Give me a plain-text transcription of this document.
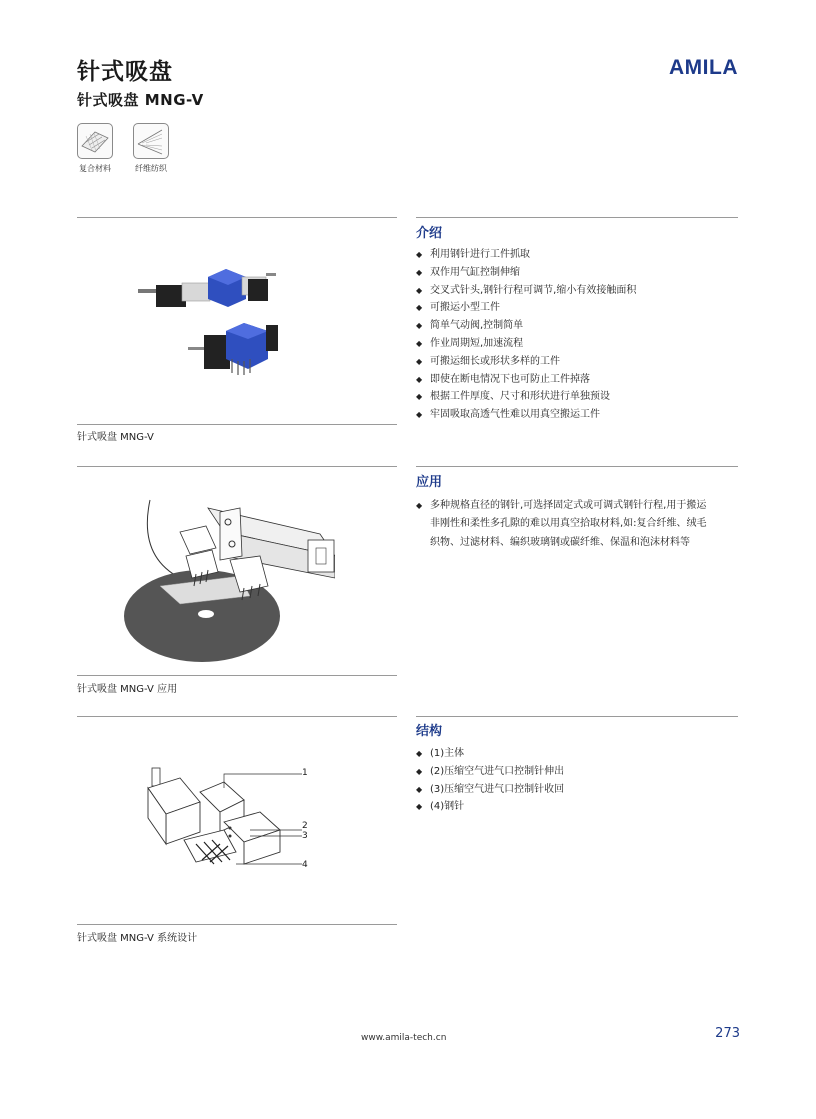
针式吸盘
针式吸盘 MNG-V
AMILA
复合材料	纤维纺织
介绍
◆ 利用钢针进行工件抓取
◆ 双作用气缸控制伸缩
◆ 交叉式针头,钢针行程可调节,缩小有效接触面积
◆ 可搬运小型工件
◆ 简单气动阀,控制简单
◆ 作业周期短,加速流程
◆ 可搬运细长或形状多样的工件
◆ 即使在断电情况下也可防止工件掉落
◆ 根据工件厚度、尺寸和形状进行单独预设
◆ 牢固吸取高透气性难以用真空搬运工件
针式吸盘 MNG-V
应用
◆ 多种规格直径的钢针,可选择固定式或可调式钢针行程,用于搬运非刚性和柔性多孔隙的难以用真空拾取材料,如:复合纤维、绒毛织物、过滤材料、编织玻璃钢或碳纤维、保温和泡沫材料等
针式吸盘 MNG-V 应用
结构
◆ (1)主体
◆ (2)压缩空气进气口控制针伸出
◆ (3)压缩空气进气口控制针收回
◆ (4)钢针
1
2
3
4
针式吸盘 MNG-V 系统设计
www.amila-tech.cn	273
